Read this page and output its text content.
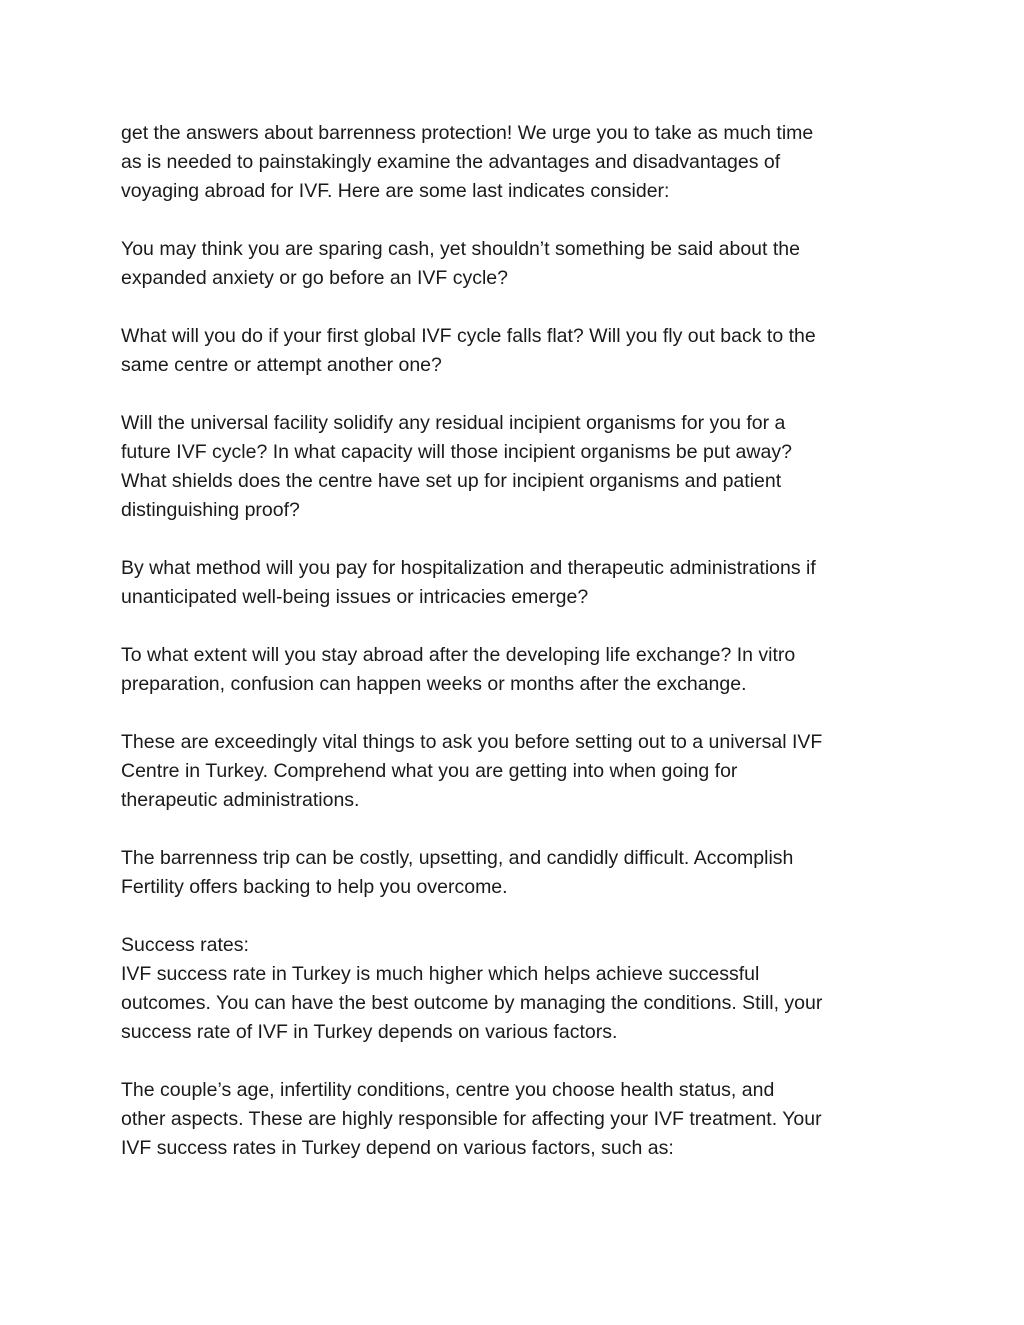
get the answers about barrenness protection! We urge you to take as much time
as is needed to painstakingly examine the advantages and disadvantages of
voyaging abroad for IVF. Here are some last indicates consider:

You may think you are sparing cash, yet shouldn’t something be said about the
expanded anxiety or go before an IVF cycle?

What will you do if your first global IVF cycle falls flat? Will you fly out back to the
same centre or attempt another one?

Will the universal facility solidify any residual incipient organisms for you for a
future IVF cycle? In what capacity will those incipient organisms be put away?
What shields does the centre have set up for incipient organisms and patient
distinguishing proof?

By what method will you pay for hospitalization and therapeutic administrations if
unanticipated well-being issues or intricacies emerge?

To what extent will you stay abroad after the developing life exchange? In vitro
preparation, confusion can happen weeks or months after the exchange.

These are exceedingly vital things to ask you before setting out to a universal IVF
Centre in Turkey. Comprehend what you are getting into when going for
therapeutic administrations.

The barrenness trip can be costly, upsetting, and candidly difficult. Accomplish
Fertility offers backing to help you overcome.

Success rates:
IVF success rate in Turkey is much higher which helps achieve successful
outcomes. You can have the best outcome by managing the conditions. Still, your
success rate of IVF in Turkey depends on various factors.

The couple’s age, infertility conditions, centre you choose health status, and
other aspects. These are highly responsible for affecting your IVF treatment. Your
IVF success rates in Turkey depend on various factors, such as:
